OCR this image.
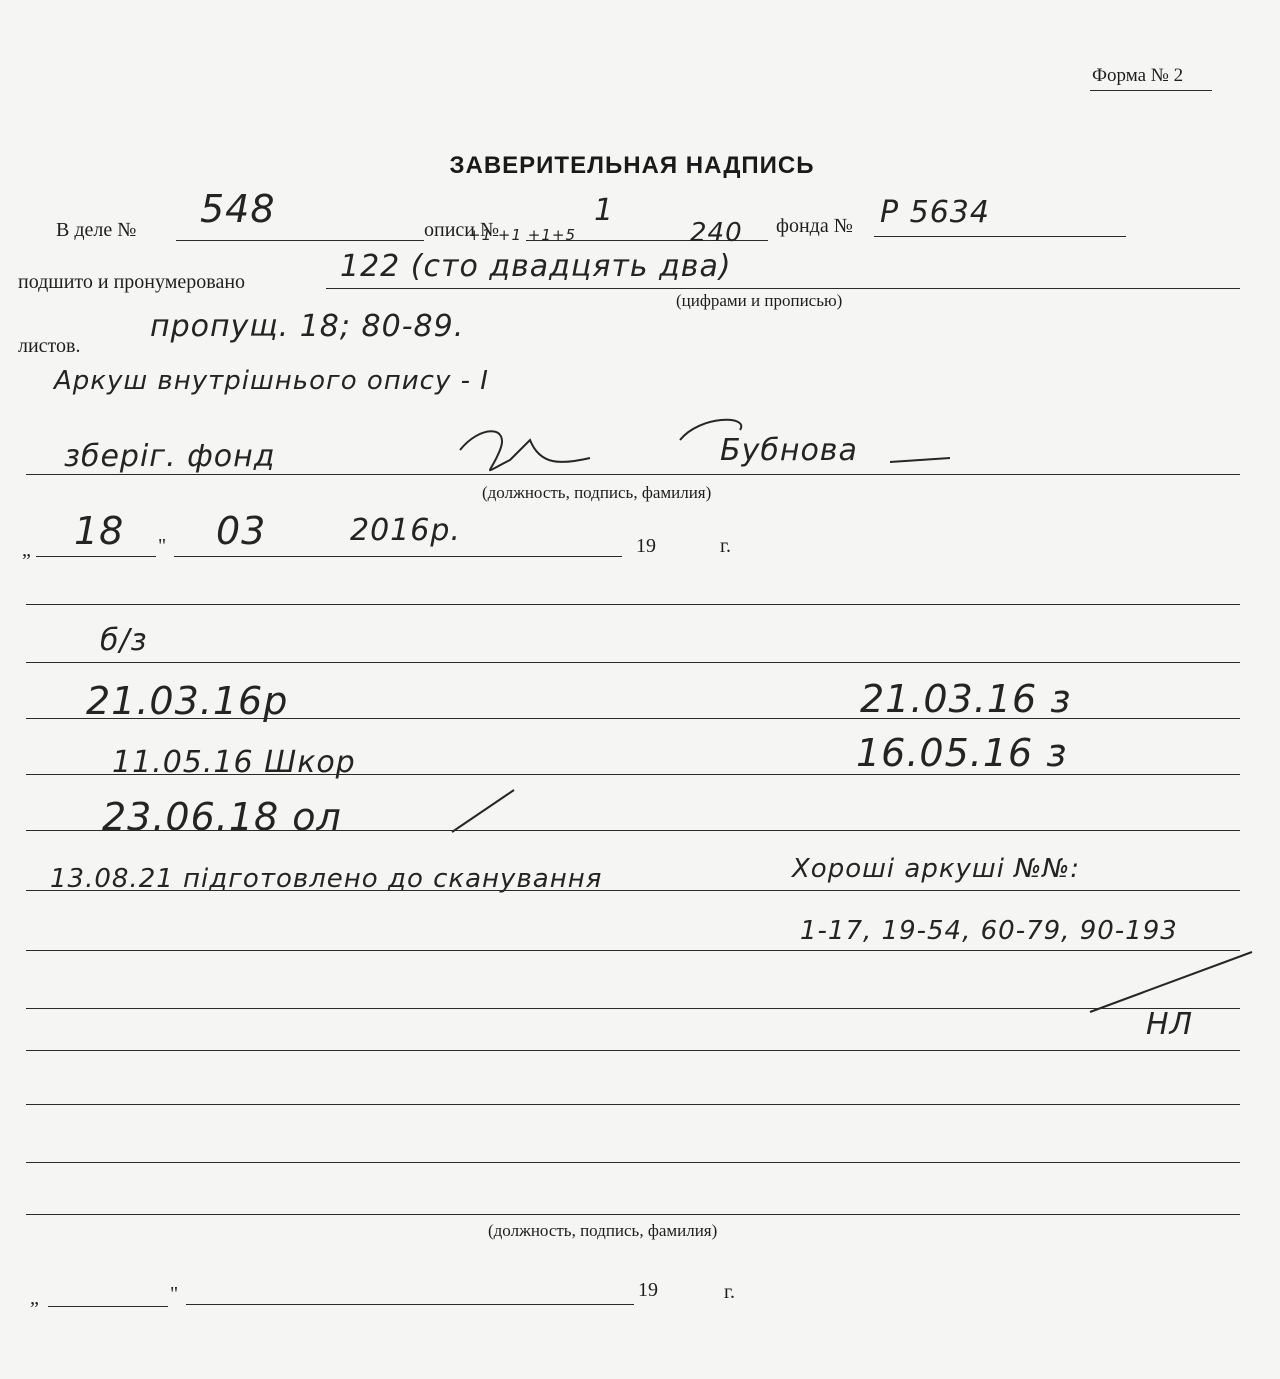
Форма № 2
ЗАВЕРИТЕЛЬНАЯ НАДПИСЬ
В деле № 548	описи №
1
240 фонда № Р 5634
подшито и пронумеровано	122 (сто двадцять два)
+1 +1 +1+5
(цифрами и прописью)
листов.
пропущ. 18; 80-89.
Аркуш внутрішнього опису - І
зберіг. фонд	Бубнова
(должность, подпись, фамилия)
„ 18 " 03	2016р.	19	г.
б/з
21.03.16р	21.03.16 з
11.05.16 Шкор	16.05.16 з
23.06.18 ол
13.08.21 підготовлено до сканування	Хороші аркуші №№:
1-17, 19-54, 60-79, 90-193
НЛ
(должность, подпись, фамилия)
„	"	19	г.
